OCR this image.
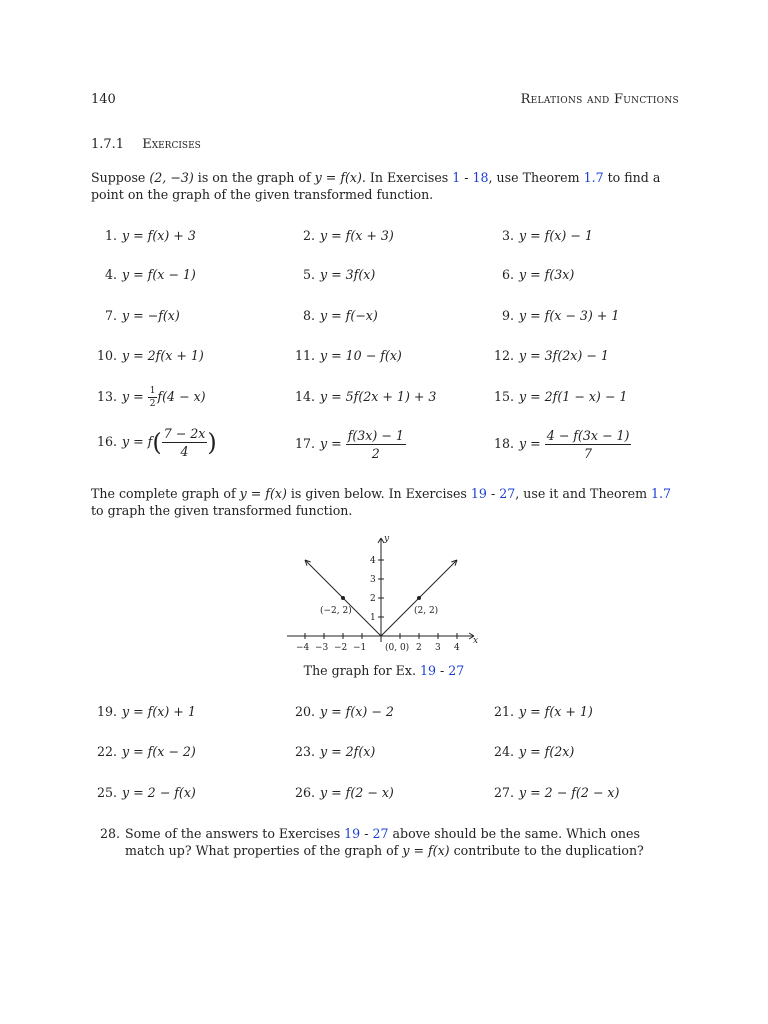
140	Relations and Functions
1.7.1 Exercises
Suppose (2, −3) is on the graph of y = f(x). In Exercises 1 - 18, use Theorem 1.7 to find a point on the graph of the given transformed function.
1. y = f(x) + 3	2. y = f(x + 3)	3. y = f(x) − 1
4. y = f(x − 1)	5. y = 3f(x)	6. y = f(3x)
7. y = −f(x)	8. y = f(−x)	9. y = f(x − 3) + 1
10. y = 2f(x + 1)	11. y = 10 − f(x)	12. y = 3f(2x) − 1
13. $y = \frac{1}{2} f(4 - x)$	14. y = 5f(2x + 1) + 3	15. y = 2f(1 − x) − 1
16. $y = f( \frac{7 - 2x}{4}$ )	17. $y = \frac{f(3x) - 1}{2}$	18. $y = \frac{4 - f(3x - 1)}{7}$
The complete graph of y = f(x) is given below. In Exercises 19 - 27, use it and Theorem 1.7 to graph the given transformed function.
y
x
−4 −3 −2 −1	2 3 4
1
2
3
4
(−2, 2)	(2, 2)
(0, 0)
The graph for Ex. 19 - 27
19. y = f(x) + 1	20. y = f(x) − 2	21. y = f(x + 1)
22. y = f(x − 2)	23. y = 2f(x)	24. y = f(2x)
25. y = 2 − f(x)	26. y = f(2 − x)	27. y = 2 − f(2 − x)
28. Some of the answers to Exercises 19 - 27 above should be the same. Which ones match up? What properties of the graph of y = f(x) contribute to the duplication?
